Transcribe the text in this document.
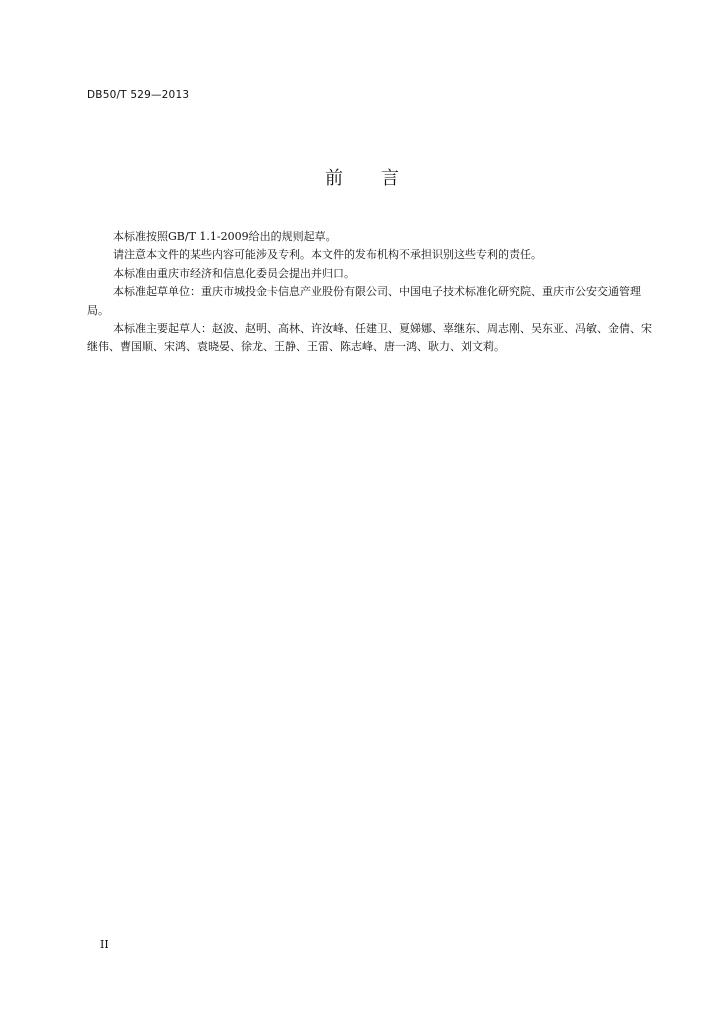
DB50/T 529—2013
前 言

本标准按照GB/T 1.1-2009给出的规则起草。

请注意本文件的某些内容可能涉及专利。本文件的发布机构不承担识别这些专利的责任。

本标准由重庆市经济和信息化委员会提出并归口。

本标准起草单位：重庆市城投金卡信息产业股份有限公司、中国电子技术标准化研究院、重庆市公安交通管理局。

本标准主要起草人：赵波、赵明、高林、许汝峰、任建卫、夏娣娜、辜继东、周志刚、吴东亚、冯敏、金倩、宋继伟、曹国顺、宋鸿、袁晓晏、徐龙、王静、王雷、陈志峰、唐一鸿、耿力、刘文莉。

II
